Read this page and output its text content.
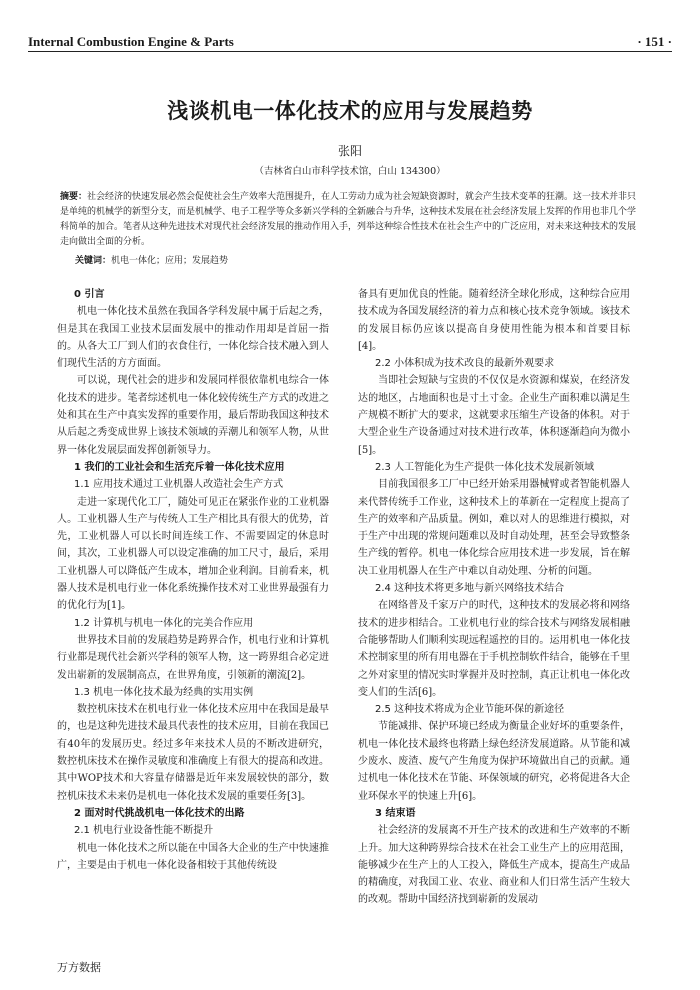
Internal Combustion Engine & Parts	· 151 ·
浅谈机电一体化技术的应用与发展趋势
张阳
（吉林省白山市科学技术馆，白山 134300）
摘要：社会经济的快速发展必然会促使社会生产效率大范围提升，在人工劳动力成为社会短缺资源时，就会产生技术变革的狂潮。这一技术并非只是单纯的机械学的新型分支，而是机械学、电子工程学等众多新兴学科的全新融合与升华，这种技术发展在社会经济发展上发挥的作用也非几个学科简单的加合。笔者从这种先进技术对现代社会经济发展的推动作用入手，列举这种综合性技术在社会生产中的广泛应用，对未来这种技术的发展走向做出全面的分析。
关键词：机电一体化；应用；发展趋势
0 引言

机电一体化技术虽然在我国各学科发展中属于后起之秀，但是其在我国工业技术层面发展中的推动作用却是首屈一指的。从各大工厂到人们的衣食住行，一体化综合技术融入到人们现代生活的方方面面。

可以说，现代社会的进步和发展同样很依靠机电综合一体化技术的进步。笔者综述机电一体化较传统生产方式的改进之处和其在生产中真实发挥的重要作用，最后帮助我国这种技术从后起之秀变成世界上该技术领域的弄潮儿和领军人物，从世界一体化发展层面发挥创新领导力。

1 我们的工业社会和生活充斥着一体化技术应用
1.1 应用技术通过工业机器人改造社会生产方式

走进一家现代化工厂，随处可见正在紧张作业的工业机器人。工业机器人生产与传统人工生产相比具有很大的优势，首先，工业机器人可以长时间连续工作、不需要固定的休息时间，其次，工业机器人可以设定准确的加工尺寸，最后，采用工业机器人可以降低产生成本，增加企业利润。目前看来，机器人技术是机电行业一体化系统操作技术对工业世界最强有力的优化行为[1]。

1.2 计算机与机电一体化的完美合作应用

世界技术目前的发展趋势是跨界合作，机电行业和计算机行业都是现代社会新兴学科的领军人物，这一跨界组合必定迸发出崭新的发展制高点，在世界角度，引领新的潮流[2]。

1.3 机电一体化技术最为经典的实用实例

数控机床技术在机电行业一体化技术应用中在我国是最早的，也是这种先进技术最具代表性的技术应用，目前在我国已有40年的发展历史。经过多年来技术人员的不断改进研究，数控机床技术在操作灵敏度和准确度上有很大的提高和改进。其中WOP技术和大容量存储器是近年来发展较快的部分，数控机床技术未来仍是机电一体化技术发展的重要任务[3]。

2 面对时代挑战机电一体化技术的出路
2.1 机电行业设备性能不断提升

机电一体化技术之所以能在中国各大企业的生产中快速推广，主要是由于机电一体化设备相较于其他传统设

备具有更加优良的性能。随着经济全球化形成，这种综合应用技术成为各国发展经济的着力点和核心技术竞争领域。该技术的发展目标仍应该以提高自身使用性能为根本和首要目标[4]。

2.2 小体积成为技术改良的最新外观要求

当即社会短缺与宝贵的不仅仅是水资源和煤炭，在经济发达的地区，占地面积也是寸土寸金。企业生产面积难以满足生产规模不断扩大的要求，这就要求压缩生产设备的体积。对于大型企业生产设备通过对技术进行改革，体积逐渐趋向为微小[5]。

2.3 人工智能化为生产提供一体化技术发展新领域

目前我国很多工厂中已经开始采用器械臂或者智能机器人来代替传统手工作业，这种技术上的革新在一定程度上提高了生产的效率和产品质量。例如，难以对人的思维进行模拟，对于生产中出现的常规问题难以及时自动处理，甚至会导致整条生产线的暂停。机电一体化综合应用技术进一步发展，旨在解决工业用机器人在生产中难以自动处理、分析的问题。

2.4 这种技术将更多地与新兴网络技术结合

在网络普及千家万户的时代，这种技术的发展必将和网络技术的进步相结合。工业机电行业的综合技术与网络发展相融合能够帮助人们顺利实现远程遥控的目的。运用机电一体化技术控制家里的所有用电器在于手机控制软件结合，能够在千里之外对家里的情况实时掌握并及时控制，真正让机电一体化改变人们的生活[6]。

2.5 这种技术将成为企业节能环保的新途径

节能减排、保护环境已经成为衡量企业好坏的重要条件，机电一体化技术最终也将踏上绿色经济发展道路。从节能和减少废水、废渣、废气产生角度为保护环境做出自己的贡献。通过机电一体化技术在节能、环保领域的研究，必将促进各大企业环保水平的快速上升[6]。

3 结束语

社会经济的发展离不开生产技术的改进和生产效率的不断上升。加大这种跨界综合技术在社会工业生产上的应用范围，能够减少在生产上的人工投入，降低生产成本，提高生产成品的精确度，对我国工业、农业、商业和人们日常生活产生较大的改观。帮助中国经济找到崭新的发展动

万方数据
